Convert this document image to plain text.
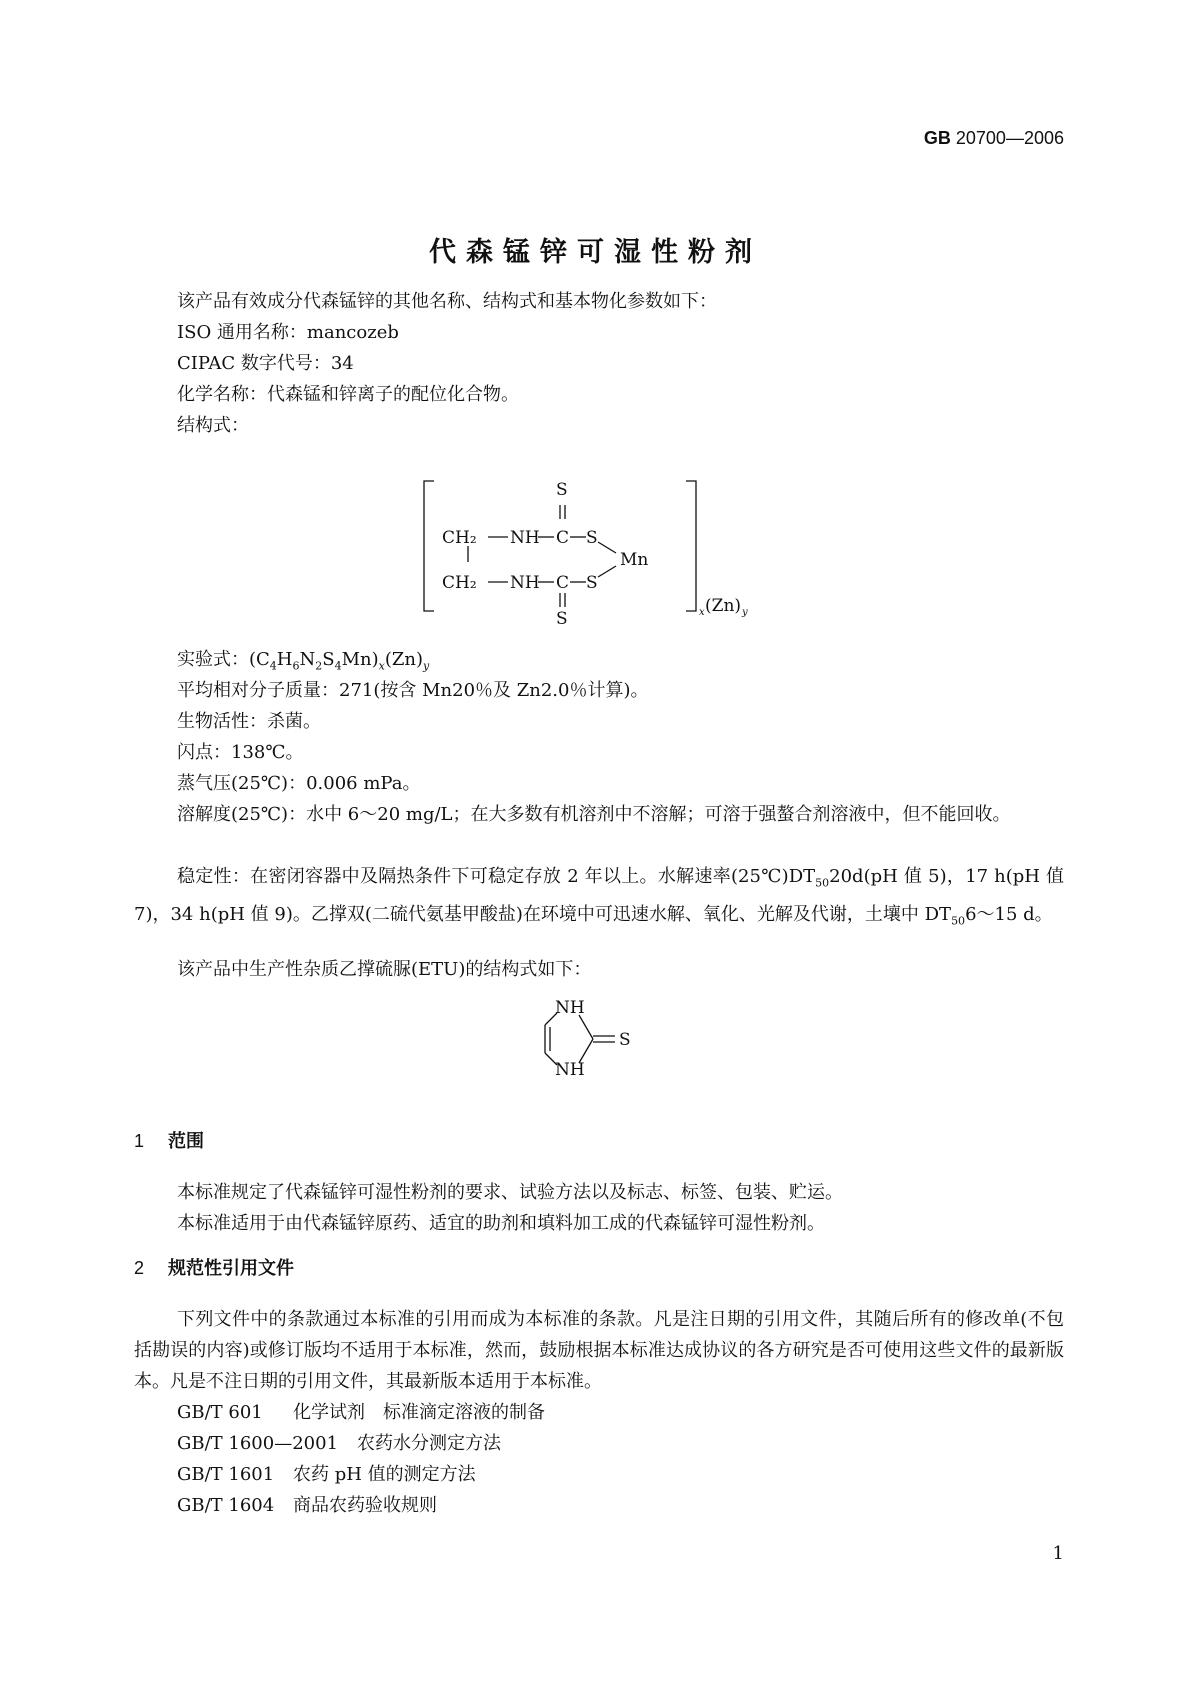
GB 20700—2006
代森锰锌可湿性粉剂
该产品有效成分代森锰锌的其他名称、结构式和基本物化参数如下：
ISO 通用名称：mancozeb
CIPAC 数字代号：34
化学名称：代森锰和锌离子的配位化合物。
结构式：
S
CH₂ NH C S
Mn
CH₂ NH C S
S	x (Zn) y
实验式：$(C_4H_6N_2S_4Mn)_x(Zn)_y$
平均相对分子质量：271(按含 Mn20％及 Zn2.0％计算)。
生物活性：杀菌。
闪点：138℃。
蒸气压(25℃)：0.006 mPa。
溶解度(25℃)：水中 6～20 mg/L；在大多数有机溶剂中不溶解；可溶于强螯合剂溶液中，但不能回收。
稳定性：在密闭容器中及隔热条件下可稳定存放 2 年以上。水解速率$(25℃)DT_{50}20d(pH$ 值 5)，17 h(pH 值 7)，34 h(pH 值 9)。乙撑双(二硫代氨基甲酸盐)在环境中可迅速水解、氧化、光解及代谢，土壤中 $DT_{50}6\sim 15$ d。
该产品中生产性杂质乙撑硫脲(ETU)的结构式如下：
NH
NH
S
1 范围
本标准规定了代森锰锌可湿性粉剂的要求、试验方法以及标志、标签、包装、贮运。
本标准适用于由代森锰锌原药、适宜的助剂和填料加工成的代森锰锌可湿性粉剂。
2 规范性引用文件
下列文件中的条款通过本标准的引用而成为本标准的条款。凡是注日期的引用文件，其随后所有的修改单(不包括勘误的内容)或修订版均不适用于本标准，然而，鼓励根据本标准达成协议的各方研究是否可使用这些文件的最新版本。凡是不注日期的引用文件，其最新版本适用于本标准。
GB/T 601 化学试剂　标准滴定溶液的制备
GB/T 1600—2001 农药水分测定方法
GB/T 1601 农药 pH 值的测定方法
GB/T 1604 商品农药验收规则
1
